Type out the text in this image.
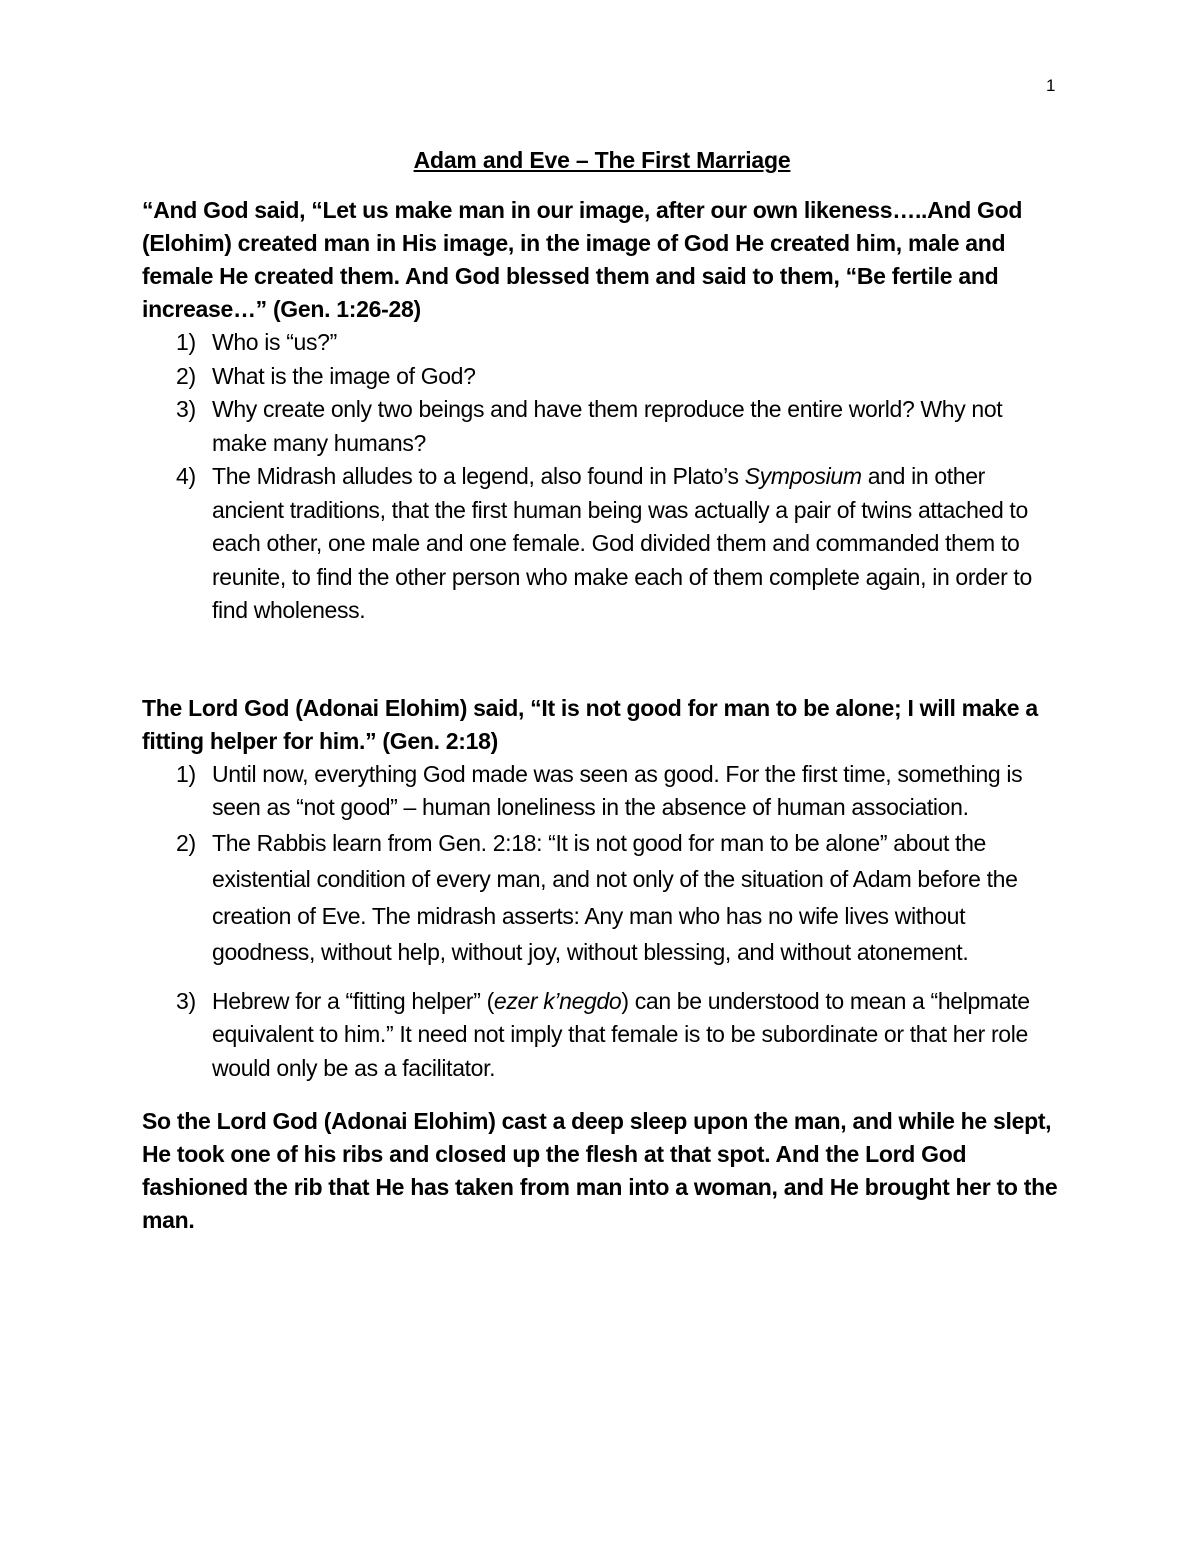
1
Adam and Eve – The First Marriage

“And God said, “Let us make man in our image, after our own likeness…..And God (Elohim) created man in His image, in the image of God He created him, male and female He created them. And God blessed them and said to them, “Be fertile and increase…” (Gen. 1:26-28)

1) Who is “us?”
2) What is the image of God?
3) Why create only two beings and have them reproduce the entire world? Why not make many humans?
4) The Midrash alludes to a legend, also found in Plato’s Symposium and in other ancient traditions, that the first human being was actually a pair of twins attached to each other, one male and one female. God divided them and commanded them to reunite, to find the other person who make each of them complete again, in order to find wholeness.

The Lord God (Adonai Elohim) said, “It is not good for man to be alone; I will make a fitting helper for him.” (Gen. 2:18)

1) Until now, everything God made was seen as good. For the first time, something is seen as “not good” – human loneliness in the absence of human association.
2) The Rabbis learn from Gen. 2:18: “It is not good for man to be alone” about the existential condition of every man, and not only of the situation of Adam before the creation of Eve. The midrash asserts: Any man who has no wife lives without goodness, without help, without joy, without blessing, and without atonement.
3) Hebrew for a “fitting helper” (ezer k’negdo) can be understood to mean a “helpmate equivalent to him.” It need not imply that female is to be subordinate or that her role would only be as a facilitator.

So the Lord God (Adonai Elohim) cast a deep sleep upon the man, and while he slept, He took one of his ribs and closed up the flesh at that spot. And the Lord God fashioned the rib that He has taken from man into a woman, and He brought her to the man.
